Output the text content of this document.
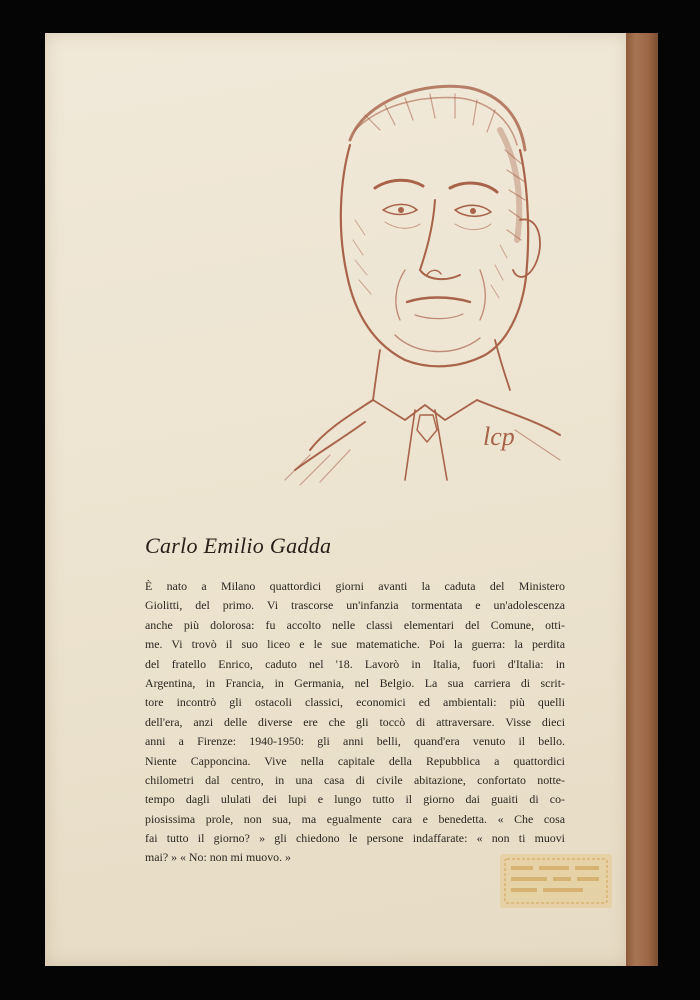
lcp
Carlo Emilio Gadda
È nato a Milano quattordici giorni avanti la caduta del Ministero
Giolitti, del primo. Vi trascorse un'infanzia tormentata e un'adolescenza
anche più dolorosa: fu accolto nelle classi elementari del Comune, otti-
me. Vi trovò il suo liceo e le sue matematiche. Poi la guerra: la perdita
del fratello Enrico, caduto nel '18. Lavorò in Italia, fuori d'Italia: in
Argentina, in Francia, in Germania, nel Belgio. La sua carriera di scrit-
tore incontrò gli ostacoli classici, economici ed ambientali: più quelli
dell'era, anzi delle diverse ere che gli toccò di attraversare. Visse dieci
anni a Firenze: 1940-1950: gli anni belli, quand'era venuto il bello.
Niente Capponcina. Vive nella capitale della Repubblica a quattordici
chilometri dal centro, in una casa di civile abitazione, confortato notte-
tempo dagli ululati dei lupi e lungo tutto il giorno dai guaiti di co-
piosissima prole, non sua, ma egualmente cara e benedetta. « Che cosa
fai tutto il giorno? » gli chiedono le persone indaffarate: « non ti muovi
mai? » « No: non mi muovo. »
